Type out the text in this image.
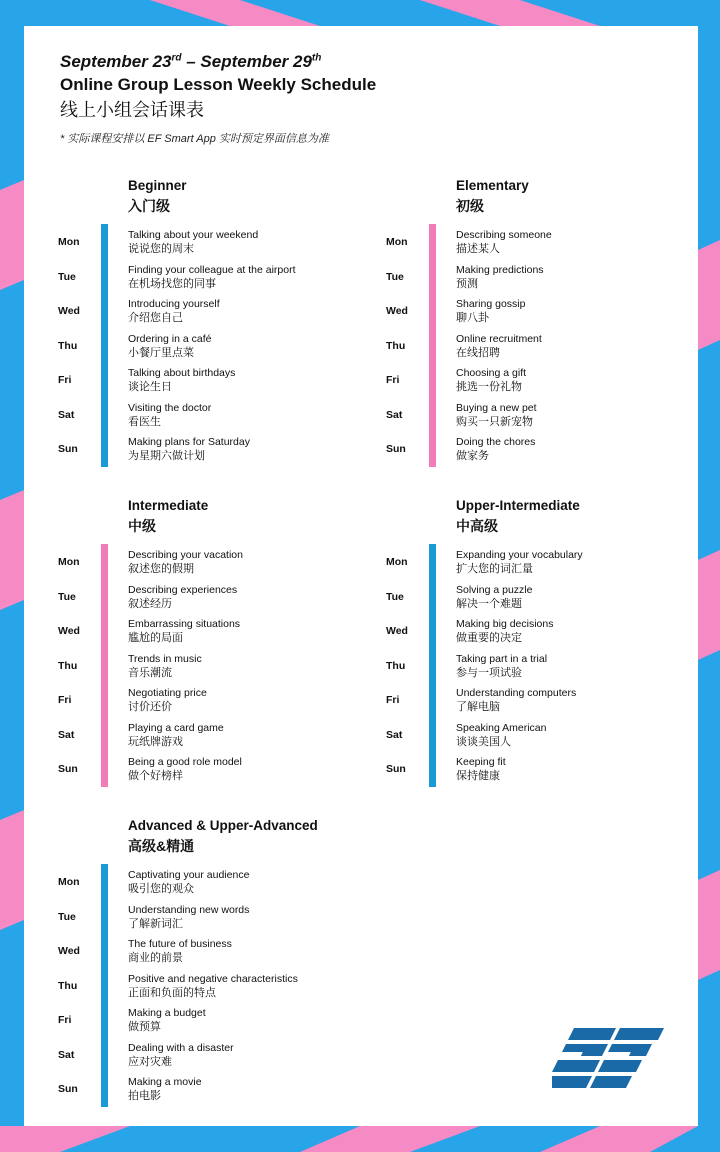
September 23rd – September 29th
Online Group Lesson Weekly Schedule
线上小组会话课表
* 实际课程安排以 EF Smart App 实时预定界面信息为准
Beginner
入门级
Mon
Talking about your weekend
说说您的周末
Tue
Finding your colleague at the airport
在机场找您的同事
Wed
Introducing yourself
介绍您自己
Thu
Ordering in a café
小餐厅里点菜
Fri
Talking about birthdays
谈论生日
Sat
Visiting the doctor
看医生
Sun
Making plans for Saturday
为星期六做计划
Elementary
初级
Mon
Describing someone
描述某人
Tue
Making predictions
预测
Wed
Sharing gossip
聊八卦
Thu
Online recruitment
在线招聘
Fri
Choosing a gift
挑选一份礼物
Sat
Buying a new pet
购买一只新宠物
Sun
Doing the chores
做家务
Intermediate
中级
Mon
Describing your vacation
叙述您的假期
Tue
Describing experiences
叙述经历
Wed
Embarrassing situations
尴尬的局面
Thu
Trends in music
音乐潮流
Fri
Negotiating price
讨价还价
Sat
Playing a card game
玩纸牌游戏
Sun
Being a good role model
做个好榜样
Upper-Intermediate
中高级
Mon
Expanding your vocabulary
扩大您的词汇量
Tue
Solving a puzzle
解决一个难题
Wed
Making big decisions
做重要的决定
Thu
Taking part in a trial
参与一项试验
Fri
Understanding computers
了解电脑
Sat
Speaking American
谈谈美国人
Sun
Keeping fit
保持健康
Advanced & Upper-Advanced
高级&精通
Mon
Captivating your audience
吸引您的观众
Tue
Understanding new words
了解新词汇
Wed
The future of business
商业的前景
Thu
Positive and negative characteristics
正面和负面的特点
Fri
Making a budget
做预算
Sat
Dealing with a disaster
应对灾难
Sun
Making a movie
拍电影
